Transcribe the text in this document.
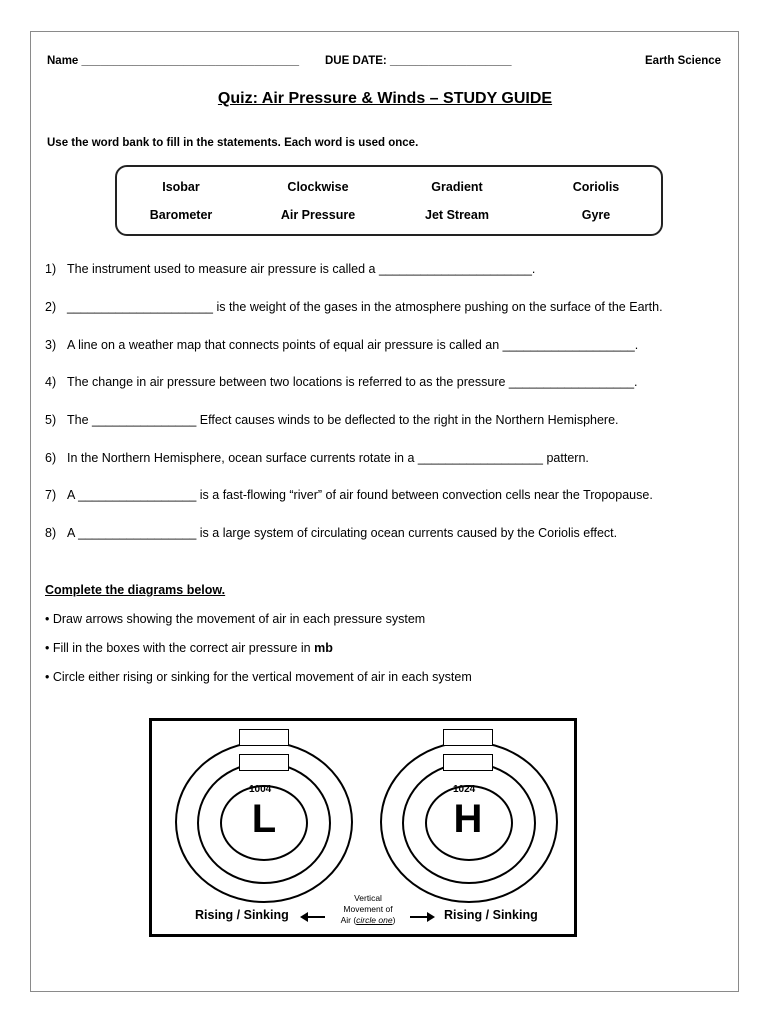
Name __________________________________ DUE DATE: ___________________	Earth Science
Quiz: Air Pressure & Winds – STUDY GUIDE
Use the word bank to fill in the statements. Each word is used once.
Isobar	Clockwise	Gradient	Coriolis
Barometer	Air Pressure	Jet Stream	Gyre
1) The instrument used to measure air pressure is called a ______________________.
2) _____________________ is the weight of the gases in the atmosphere pushing on the surface of the Earth.
3) A line on a weather map that connects points of equal air pressure is called an ___________________.
4) The change in air pressure between two locations is referred to as the pressure __________________.
5) The _______________ Effect causes winds to be deflected to the right in the Northern Hemisphere.
6) In the Northern Hemisphere, ocean surface currents rotate in a __________________ pattern.
7) A _________________ is a fast-flowing “river” of air found between convection cells near the Tropopause.
8) A _________________ is a large system of circulating ocean currents caused by the Coriolis effect.
Complete the diagrams below.
• Draw arrows showing the movement of air in each pressure system
• Fill in the boxes with the correct air pressure in mb
• Circle either rising or sinking for the vertical movement of air in each system
1004
L
1024
H
Rising / Sinking	Rising / Sinking
Vertical
Movement of
Air (circle one)
